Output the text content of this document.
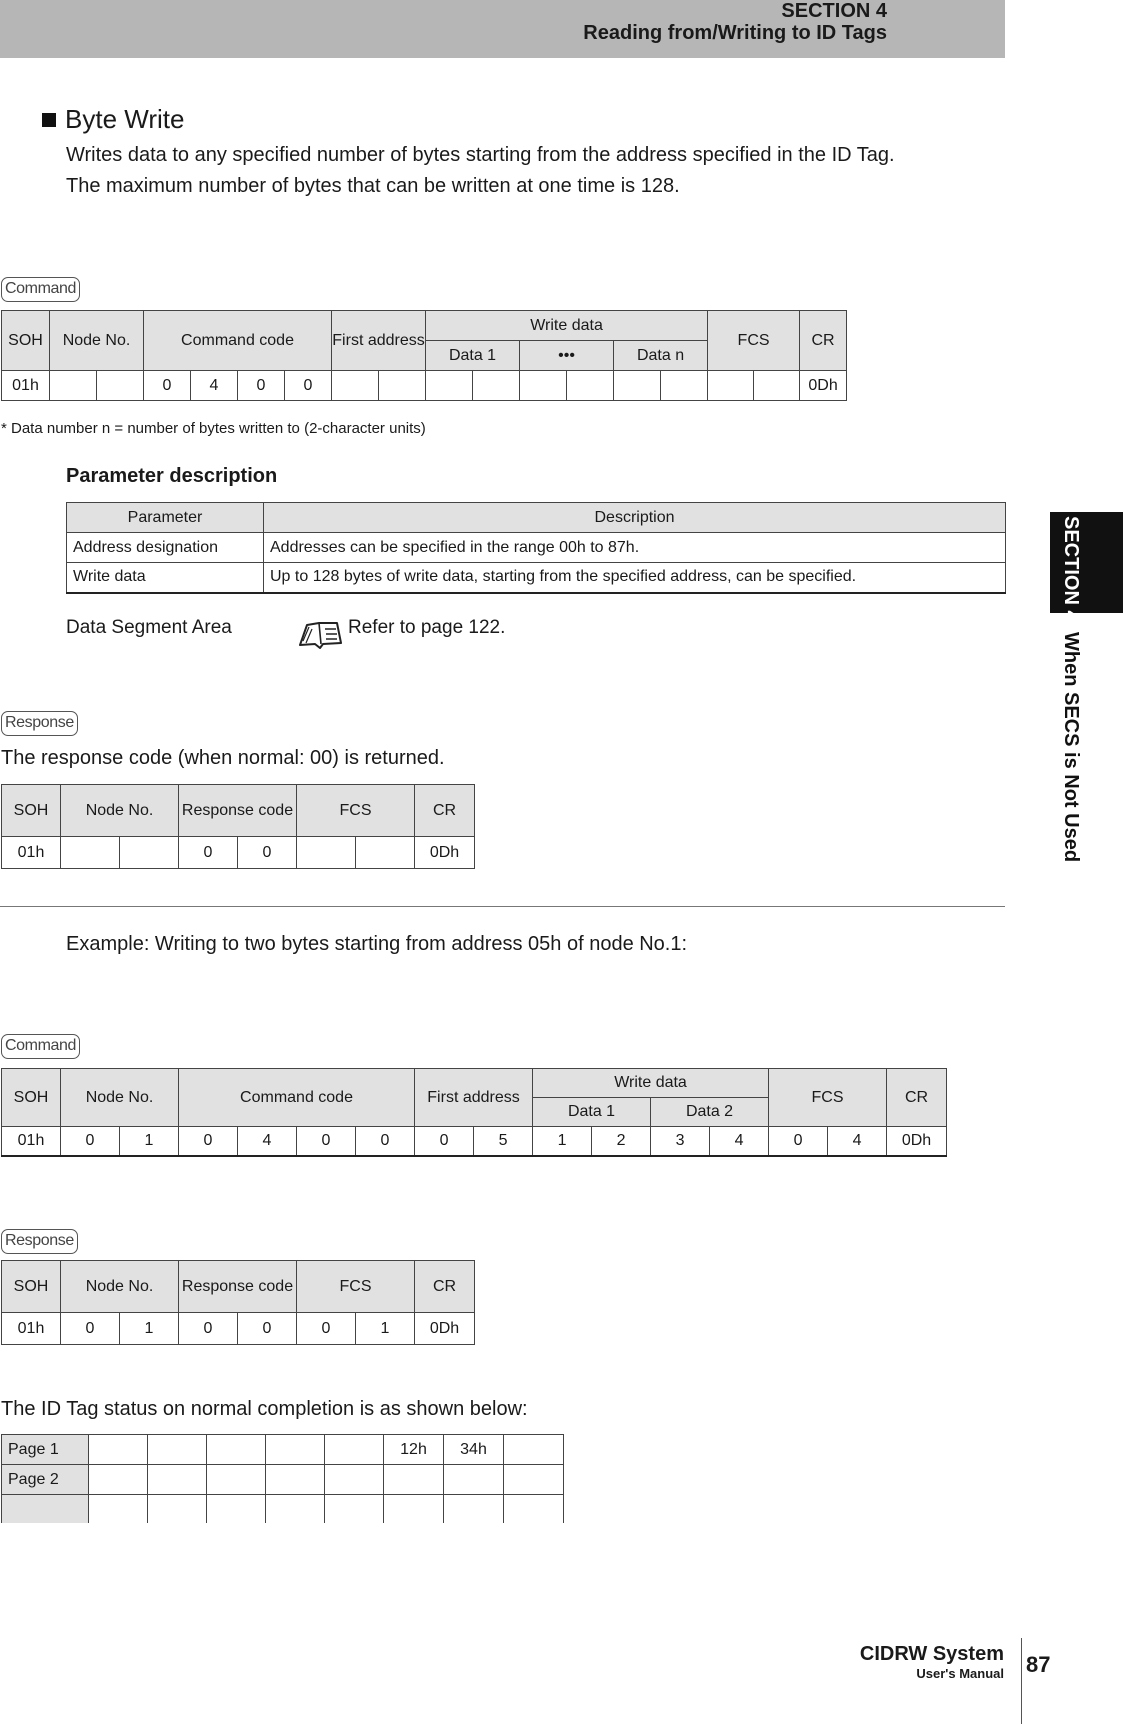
SECTION 4
Reading from/Writing to ID Tags
SECTION 4When SECS is Not Used
Byte Write
Writes data to any specified number of bytes starting from the address specified in the ID Tag.
The maximum number of bytes that can be written at one time is 128.
Command
SOH	Node No.		Command code				First address		Write data						FCS		CR
									Data 1		•••		Data n				
01h			0	4	0	0											0Dh
* Data number n = number of bytes written to (2-character units)
Parameter description
Parameter	Description
Address designation	Addresses can be specified in the range 00h to 87h.
Write data	Up to 128 bytes of write data, starting from the specified address, can be specified.
Data Segment Area	Refer to page 122.
Response
The response code (when normal: 00) is returned.
SOH	Node No.		Response code		FCS		CR
01h			0	0			0Dh
Example: Writing to two bytes starting from address 05h of node No.1:
Command
SOH	Node No.		Command code				First address		Write data				FCS		CR
									Data 1		Data 2				
01h	0	1	0	4	0	0	0	5	1	2	3	4	0	4	0Dh
Response
SOH	Node No.		Response code		FCS		CR
01h	0	1	0	0	0	1	0Dh
The ID Tag status on normal completion is as shown below:
Page 1						12h	34h	
Page 2								

CIDRW System
User's Manual 87
